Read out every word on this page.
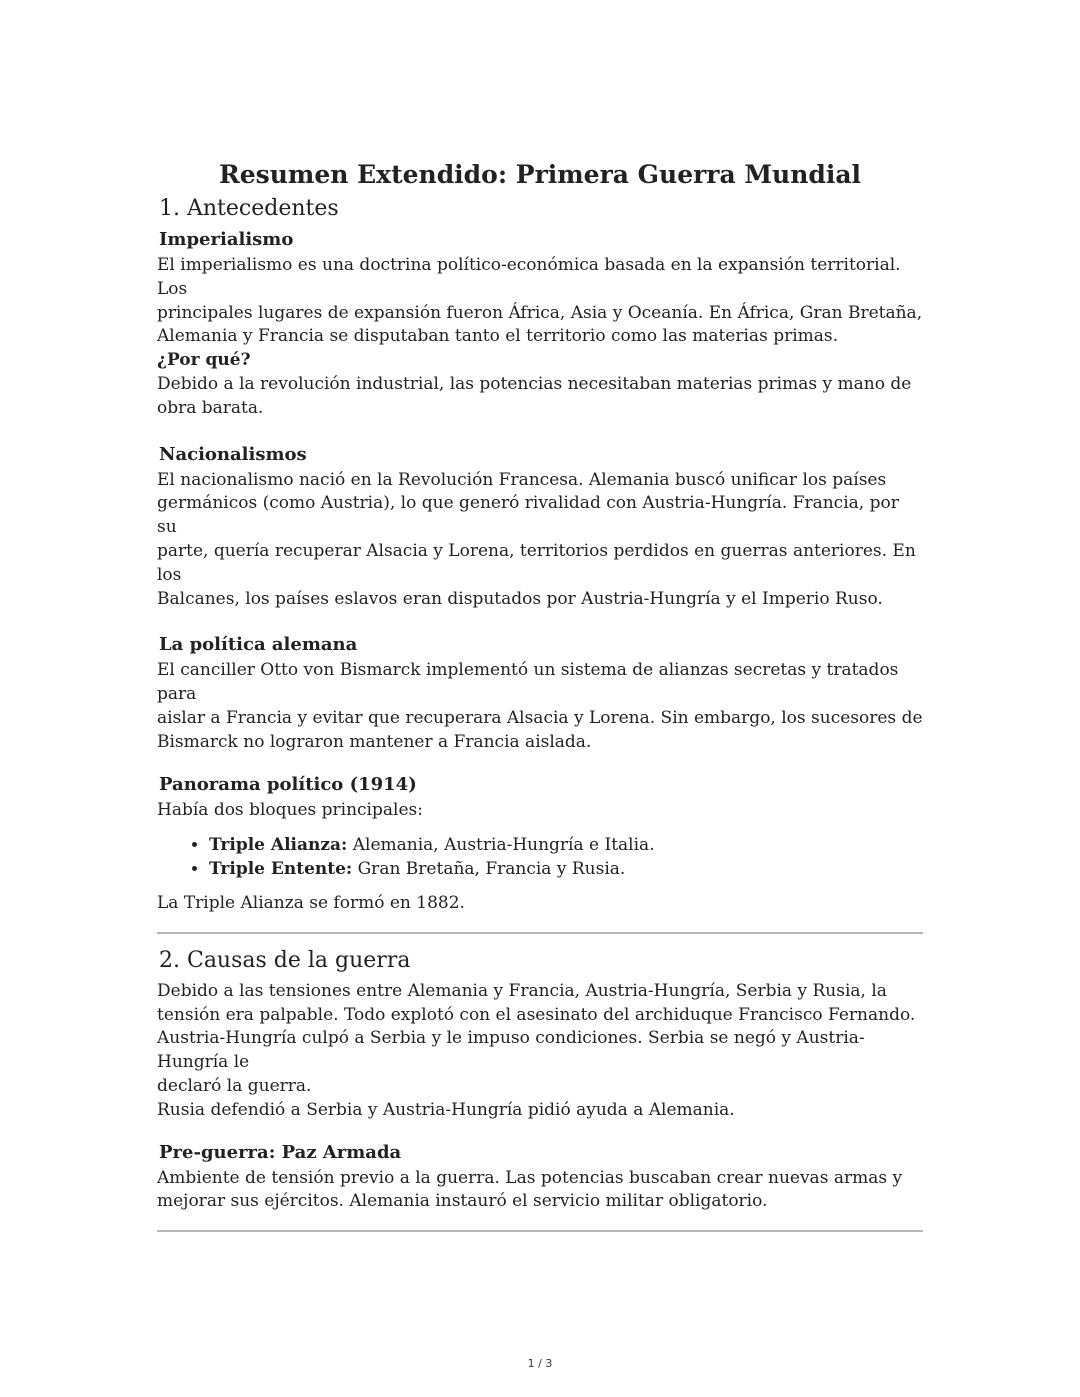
Resumen Extendido: Primera Guerra Mundial
1. Antecedentes
Imperialismo

El imperialismo es una doctrina político-económica basada en la expansión territorial. Los
principales lugares de expansión fueron África, Asia y Oceanía. En África, Gran Bretaña,
Alemania y Francia se disputaban tanto el territorio como las materias primas.
¿Por qué?
Debido a la revolución industrial, las potencias necesitaban materias primas y mano de
obra barata.

Nacionalismos

El nacionalismo nació en la Revolución Francesa. Alemania buscó unificar los países
germánicos (como Austria), lo que generó rivalidad con Austria-Hungría. Francia, por su
parte, quería recuperar Alsacia y Lorena, territorios perdidos en guerras anteriores. En los
Balcanes, los países eslavos eran disputados por Austria-Hungría y el Imperio Ruso.

La política alemana

El canciller Otto von Bismarck implementó un sistema de alianzas secretas y tratados para
aislar a Francia y evitar que recuperara Alsacia y Lorena. Sin embargo, los sucesores de
Bismarck no lograron mantener a Francia aislada.

Panorama político (1914)

Había dos bloques principales:

• Triple Alianza: Alemania, Austria-Hungría e Italia.
• Triple Entente: Gran Bretaña, Francia y Rusia.

La Triple Alianza se formó en 1882.

2. Causas de la guerra

Debido a las tensiones entre Alemania y Francia, Austria-Hungría, Serbia y Rusia, la
tensión era palpable. Todo explotó con el asesinato del archiduque Francisco Fernando.
Austria-Hungría culpó a Serbia y le impuso condiciones. Serbia se negó y Austria-Hungría le
declaró la guerra.
Rusia defendió a Serbia y Austria-Hungría pidió ayuda a Alemania.

Pre-guerra: Paz Armada

Ambiente de tensión previo a la guerra. Las potencias buscaban crear nuevas armas y
mejorar sus ejércitos. Alemania instauró el servicio militar obligatorio.

1 / 3
